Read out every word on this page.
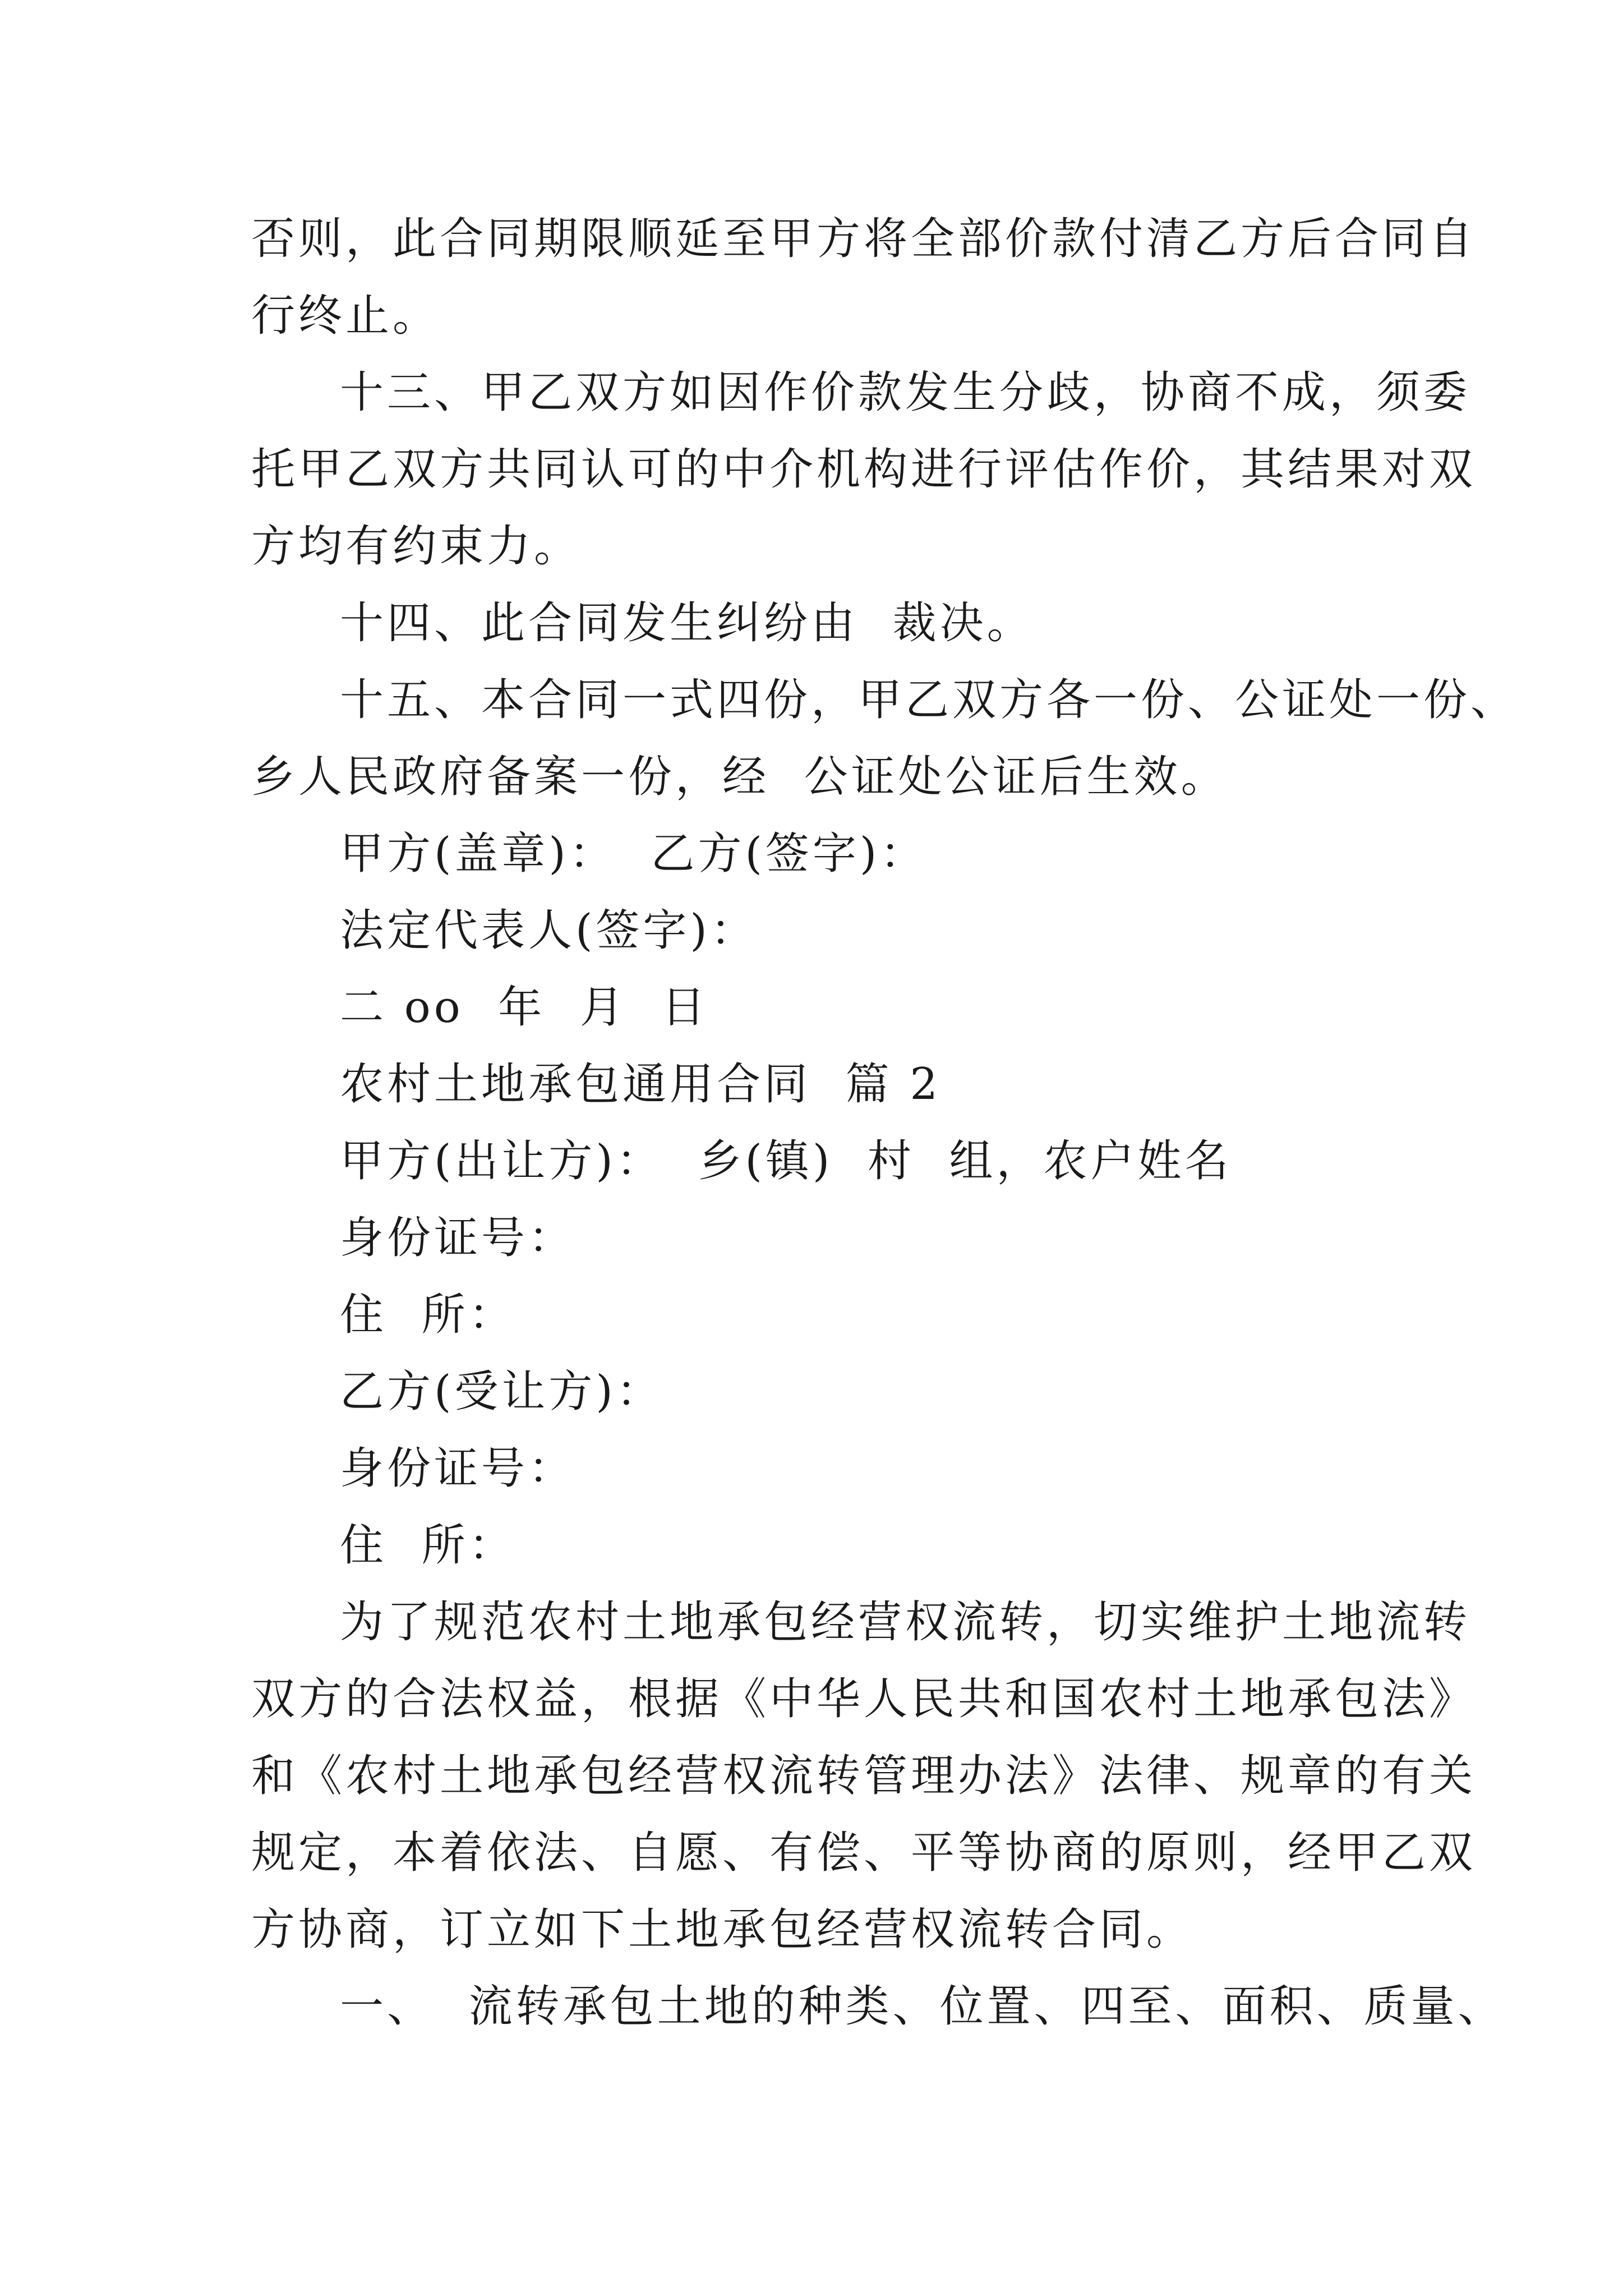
否则，此合同期限顺延至甲方将全部价款付清乙方后合同自
行终止。
十三、甲乙双方如因作价款发生分歧，协商不成，须委
托甲乙双方共同认可的中介机构进行评估作价，其结果对双
方均有约束力。
十四、此合同发生纠纷由  裁决。
十五、本合同一式四份，甲乙双方各一份、公证处一份、
乡人民政府备案一份，经  公证处公证后生效。
甲方(盖章)：  乙方(签字)：
法定代表人(签字)：
二 oo  年  月  日
农村土地承包通用合同  篇 2
甲方(出让方)：  乡(镇)  村  组，农户姓名
身份证号：
住  所：
乙方(受让方)：
身份证号：
住  所：
为了规范农村土地承包经营权流转，切实维护土地流转
双方的合法权益，根据《中华人民共和国农村土地承包法》
和《农村土地承包经营权流转管理办法》法律、规章的有关
规定，本着依法、自愿、有偿、平等协商的原则，经甲乙双
方协商，订立如下土地承包经营权流转合同。
一、  流转承包土地的种类、位置、四至、面积、质量、
